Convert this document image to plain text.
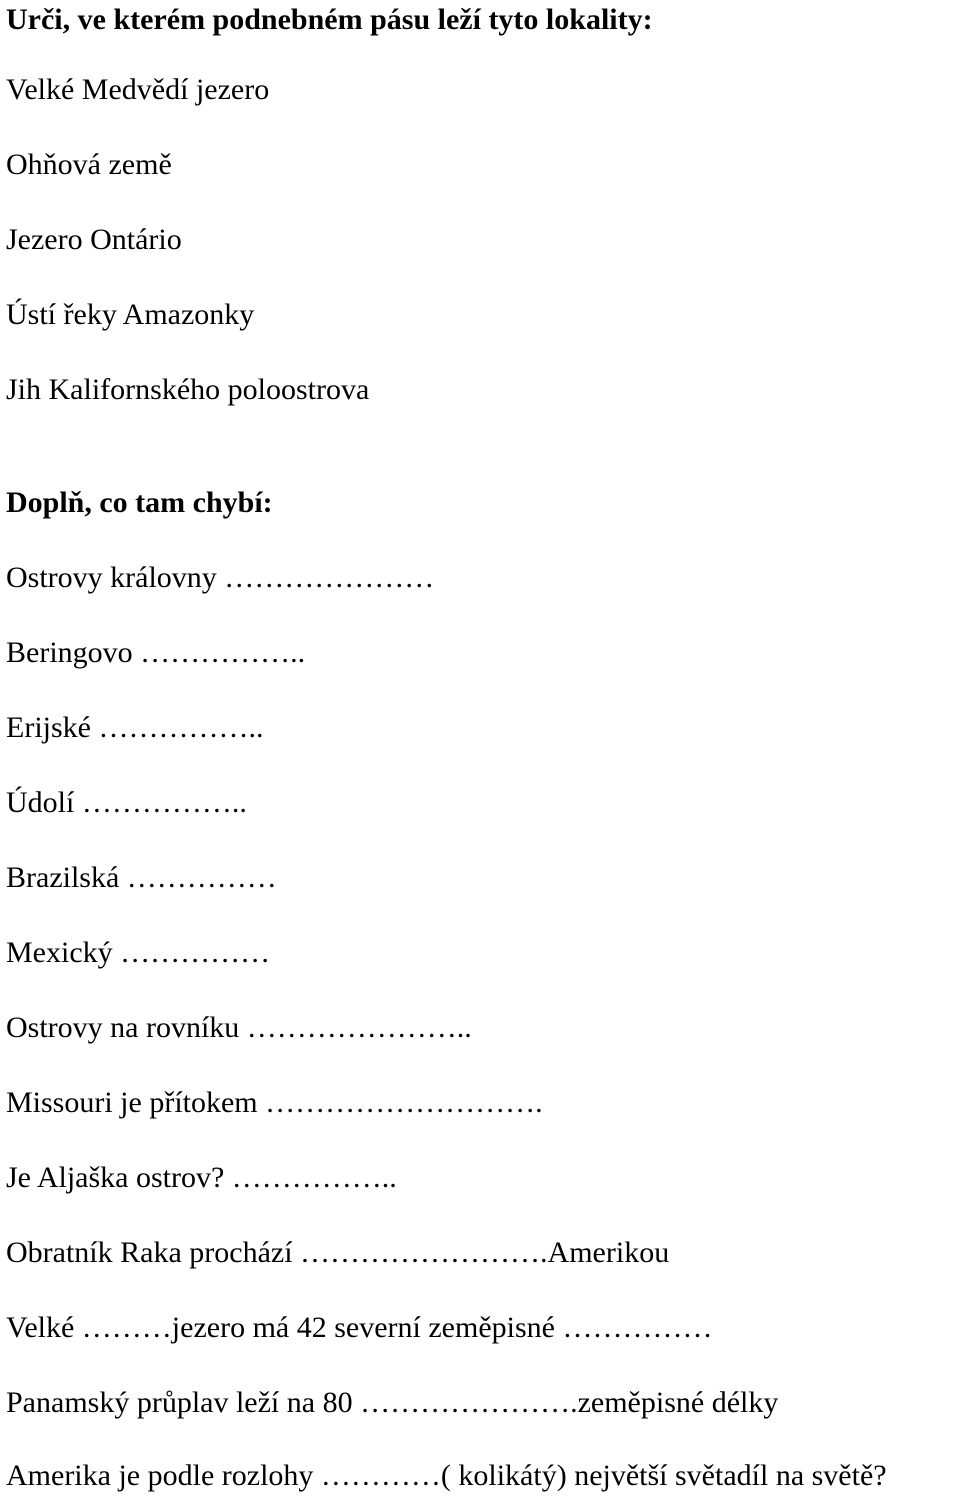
Urči, ve kterém podnebném pásu leží tyto lokality:

Velké Medvědí jezero

Ohňová země

Jezero Ontário

Ústí řeky Amazonky

Jih Kalifornského poloostrova

Doplň, co tam chybí:

Ostrovy královny …………………

Beringovo ……………..

Erijské ……………..

Údolí ……………..

Brazilská ……………

Mexický ……………

Ostrovy na rovníku …………………..

Missouri je přítokem ……………………….

Je Aljaška ostrov? ……………..

Obratník Raka prochází …………………….Amerikou

Velké ………jezero má 42 severní zeměpisné ……………

Panamský průplav leží na 80 ………………….zeměpisné délky

Amerika je podle rozlohy …………( kolikátý) největší světadíl na světě?
